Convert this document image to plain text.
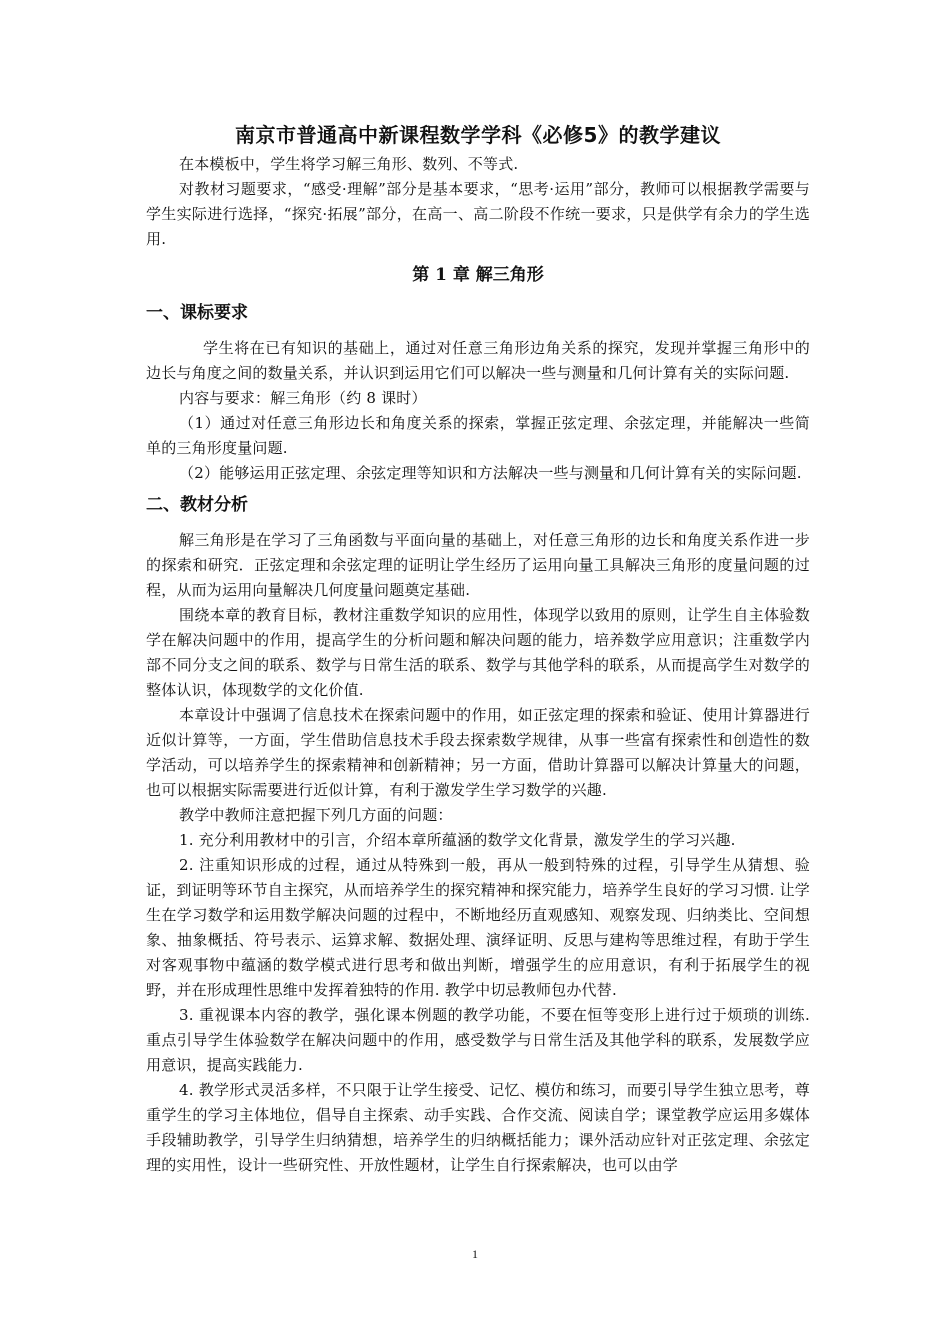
南京市普通高中新课程数学学科《必修5》的教学建议

在本模板中，学生将学习解三角形、数列、不等式.

对教材习题要求，“感受·理解”部分是基本要求，“思考·运用”部分，教师可以根据教学需要与学生实际进行选择，“探究·拓展”部分，在高一、高二阶段不作统一要求，只是供学有余力的学生选用.

第 1 章 解三角形
一、课标要求

学生将在已有知识的基础上，通过对任意三角形边角关系的探究，发现并掌握三角形中的边长与角度之间的数量关系，并认识到运用它们可以解决一些与测量和几何计算有关的实际问题.

内容与要求：解三角形（约 8 课时）

（1）通过对任意三角形边长和角度关系的探索，掌握正弦定理、余弦定理，并能解决一些简单的三角形度量问题.

（2）能够运用正弦定理、余弦定理等知识和方法解决一些与测量和几何计算有关的实际问题.

二、教材分析

解三角形是在学习了三角函数与平面向量的基础上，对任意三角形的边长和角度关系作进一步的探索和研究．正弦定理和余弦定理的证明让学生经历了运用向量工具解决三角形的度量问题的过程，从而为运用向量解决几何度量问题奠定基础.

围绕本章的教育目标，教材注重数学知识的应用性，体现学以致用的原则，让学生自主体验数学在解决问题中的作用，提高学生的分析问题和解决问题的能力，培养数学应用意识；注重数学内部不同分支之间的联系、数学与日常生活的联系、数学与其他学科的联系，从而提高学生对数学的整体认识，体现数学的文化价值.

本章设计中强调了信息技术在探索问题中的作用，如正弦定理的探索和验证、使用计算器进行近似计算等，一方面，学生借助信息技术手段去探索数学规律，从事一些富有探索性和创造性的数学活动，可以培养学生的探索精神和创新精神；另一方面，借助计算器可以解决计算量大的问题，也可以根据实际需要进行近似计算，有利于激发学生学习数学的兴趣.

教学中教师注意把握下列几方面的问题：

1. 充分利用教材中的引言，介绍本章所蕴涵的数学文化背景，激发学生的学习兴趣.

2. 注重知识形成的过程，通过从特殊到一般，再从一般到特殊的过程，引导学生从猜想、验证，到证明等环节自主探究，从而培养学生的探究精神和探究能力，培养学生良好的学习习惯. 让学生在学习数学和运用数学解决问题的过程中，不断地经历直观感知、观察发现、归纳类比、空间想象、抽象概括、符号表示、运算求解、数据处理、演绎证明、反思与建构等思维过程，有助于学生对客观事物中蕴涵的数学模式进行思考和做出判断，增强学生的应用意识，有利于拓展学生的视野，并在形成理性思维中发挥着独特的作用. 教学中切忌教师包办代替.

3. 重视课本内容的教学，强化课本例题的教学功能，不要在恒等变形上进行过于烦琐的训练. 重点引导学生体验数学在解决问题中的作用，感受数学与日常生活及其他学科的联系，发展数学应用意识，提高实践能力.

4. 教学形式灵活多样，不只限于让学生接受、记忆、模仿和练习，而要引导学生独立思考，尊重学生的学习主体地位，倡导自主探索、动手实践、合作交流、阅读自学；课堂教学应运用多媒体手段辅助教学，引导学生归纳猜想，培养学生的归纳概括能力；课外活动应针对正弦定理、余弦定理的实用性，设计一些研究性、开放性题材，让学生自行探索解决，也可以由学

1
